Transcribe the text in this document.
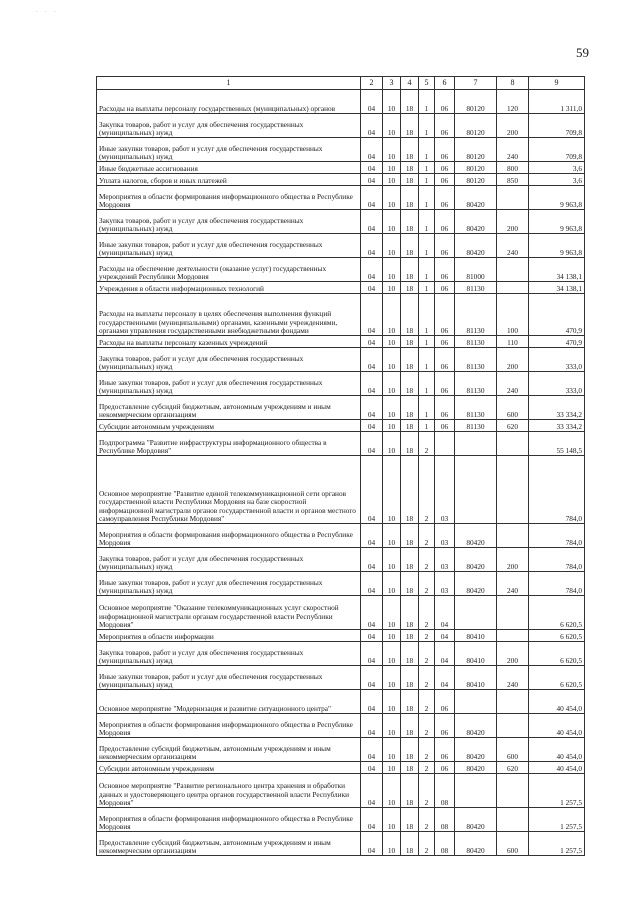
. . .
59
1	2	3	4	5	6	7	8	9
Расходы на выплаты персоналу государственных (муниципальных) органов	04	10	18	1	06	80120	120	1 311,0
Закупка товаров, работ и услуг для обеспечения государственных (муниципальных) нужд	04	10	18	1	06	80120	200	709,8
Иные закупки товаров, работ и услуг для обеспечения государственных (муниципальных) нужд	04	10	18	1	06	80120	240	709,8
Иные бюджетные ассигнования	04	10	18	1	06	80120	800	3,6
Уплата налогов, сборов и иных платежей	04	10	18	1	06	80120	850	3,6
Мероприятия в области формирования информационного общества в Республике Мордовия	04	10	18	1	06	80420		9 963,8
Закупка товаров, работ и услуг для обеспечения государственных (муниципальных) нужд	04	10	18	1	06	80420	200	9 963,8
Иные закупки товаров, работ и услуг для обеспечения государственных (муниципальных) нужд	04	10	18	1	06	80420	240	9 963,8
Расходы на обеспечение деятельности (оказание услуг) государственных учреждений Республики Мордовия	04	10	18	1	06	81000		34 138,1
Учреждения в области информационных технологий	04	10	18	1	06	81130		34 138,1
Расходы на выплаты персоналу в целях обеспечения выполнения функций государственными (муниципальными) органами, казенными учреждениями, органами управления государственными внебюджетными фондами	04	10	18	1	06	81130	100	470,9
Расходы на выплаты персоналу казенных учреждений	04	10	18	1	06	81130	110	470,9
Закупка товаров, работ и услуг для обеспечения государственных (муниципальных) нужд	04	10	18	1	06	81130	200	333,0
Иные закупки товаров, работ и услуг для обеспечения государственных (муниципальных) нужд	04	10	18	1	06	81130	240	333,0
Предоставление субсидий бюджетным, автономным учреждениям и иным некоммерческим организациям	04	10	18	1	06	81130	600	33 334,2
Субсидии автономным учреждениям	04	10	18	1	06	81130	620	33 334,2
Подпрограмма "Развитие инфраструктуры информационного общества в Республике Мордовия"	04	10	18	2				55 148,5
Основное мероприятие "Развитие единой телекоммуникационной сети органов государственной власти Республики Мордовия на базе скоростной информационной магистрали органов государственной власти и органов местного самоуправления Республики Мордовия"	04	10	18	2	03			784,0
Мероприятия в области формирования информационного общества в Республике Мордовия	04	10	18	2	03	80420		784,0
Закупка товаров, работ и услуг для обеспечения государственных (муниципальных) нужд	04	10	18	2	03	80420	200	784,0
Иные закупки товаров, работ и услуг для обеспечения государственных (муниципальных) нужд	04	10	18	2	03	80420	240	784,0
Основное мероприятие "Оказание телекоммуникационных услуг скоростной информационной магистрали органам государственной власти Республики Мордовия"	04	10	18	2	04			6 620,5
Мероприятия в области информации	04	10	18	2	04	80410		6 620,5
Закупка товаров, работ и услуг для обеспечения государственных (муниципальных) нужд	04	10	18	2	04	80410	200	6 620,5
Иные закупки товаров, работ и услуг для обеспечения государственных (муниципальных) нужд	04	10	18	2	04	80410	240	6 620,5
Основное мероприятие "Модернизация и развитие ситуационного центра"	04	10	18	2	06			40 454,0
Мероприятия в области формирования информационного общества в Республике Мордовия	04	10	18	2	06	80420		40 454,0
Предоставление субсидий бюджетным, автономным учреждениям и иным некоммерческим организациям	04	10	18	2	06	80420	600	40 454,0
Субсидии автономным учреждениям	04	10	18	2	06	80420	620	40 454,0
Основное мероприятие "Развитие регионального центра хранения и обработки данных и удостоверяющего центра органов государственной власти Республики Мордовия"	04	10	18	2	08			1 257,5
Мероприятия в области формирования информационного общества в Республике Мордовия	04	10	18	2	08	80420		1 257,5
Предоставление субсидий бюджетным, автономным учреждениям и иным некоммерческим организациям	04	10	18	2	08	80420	600	1 257,5
